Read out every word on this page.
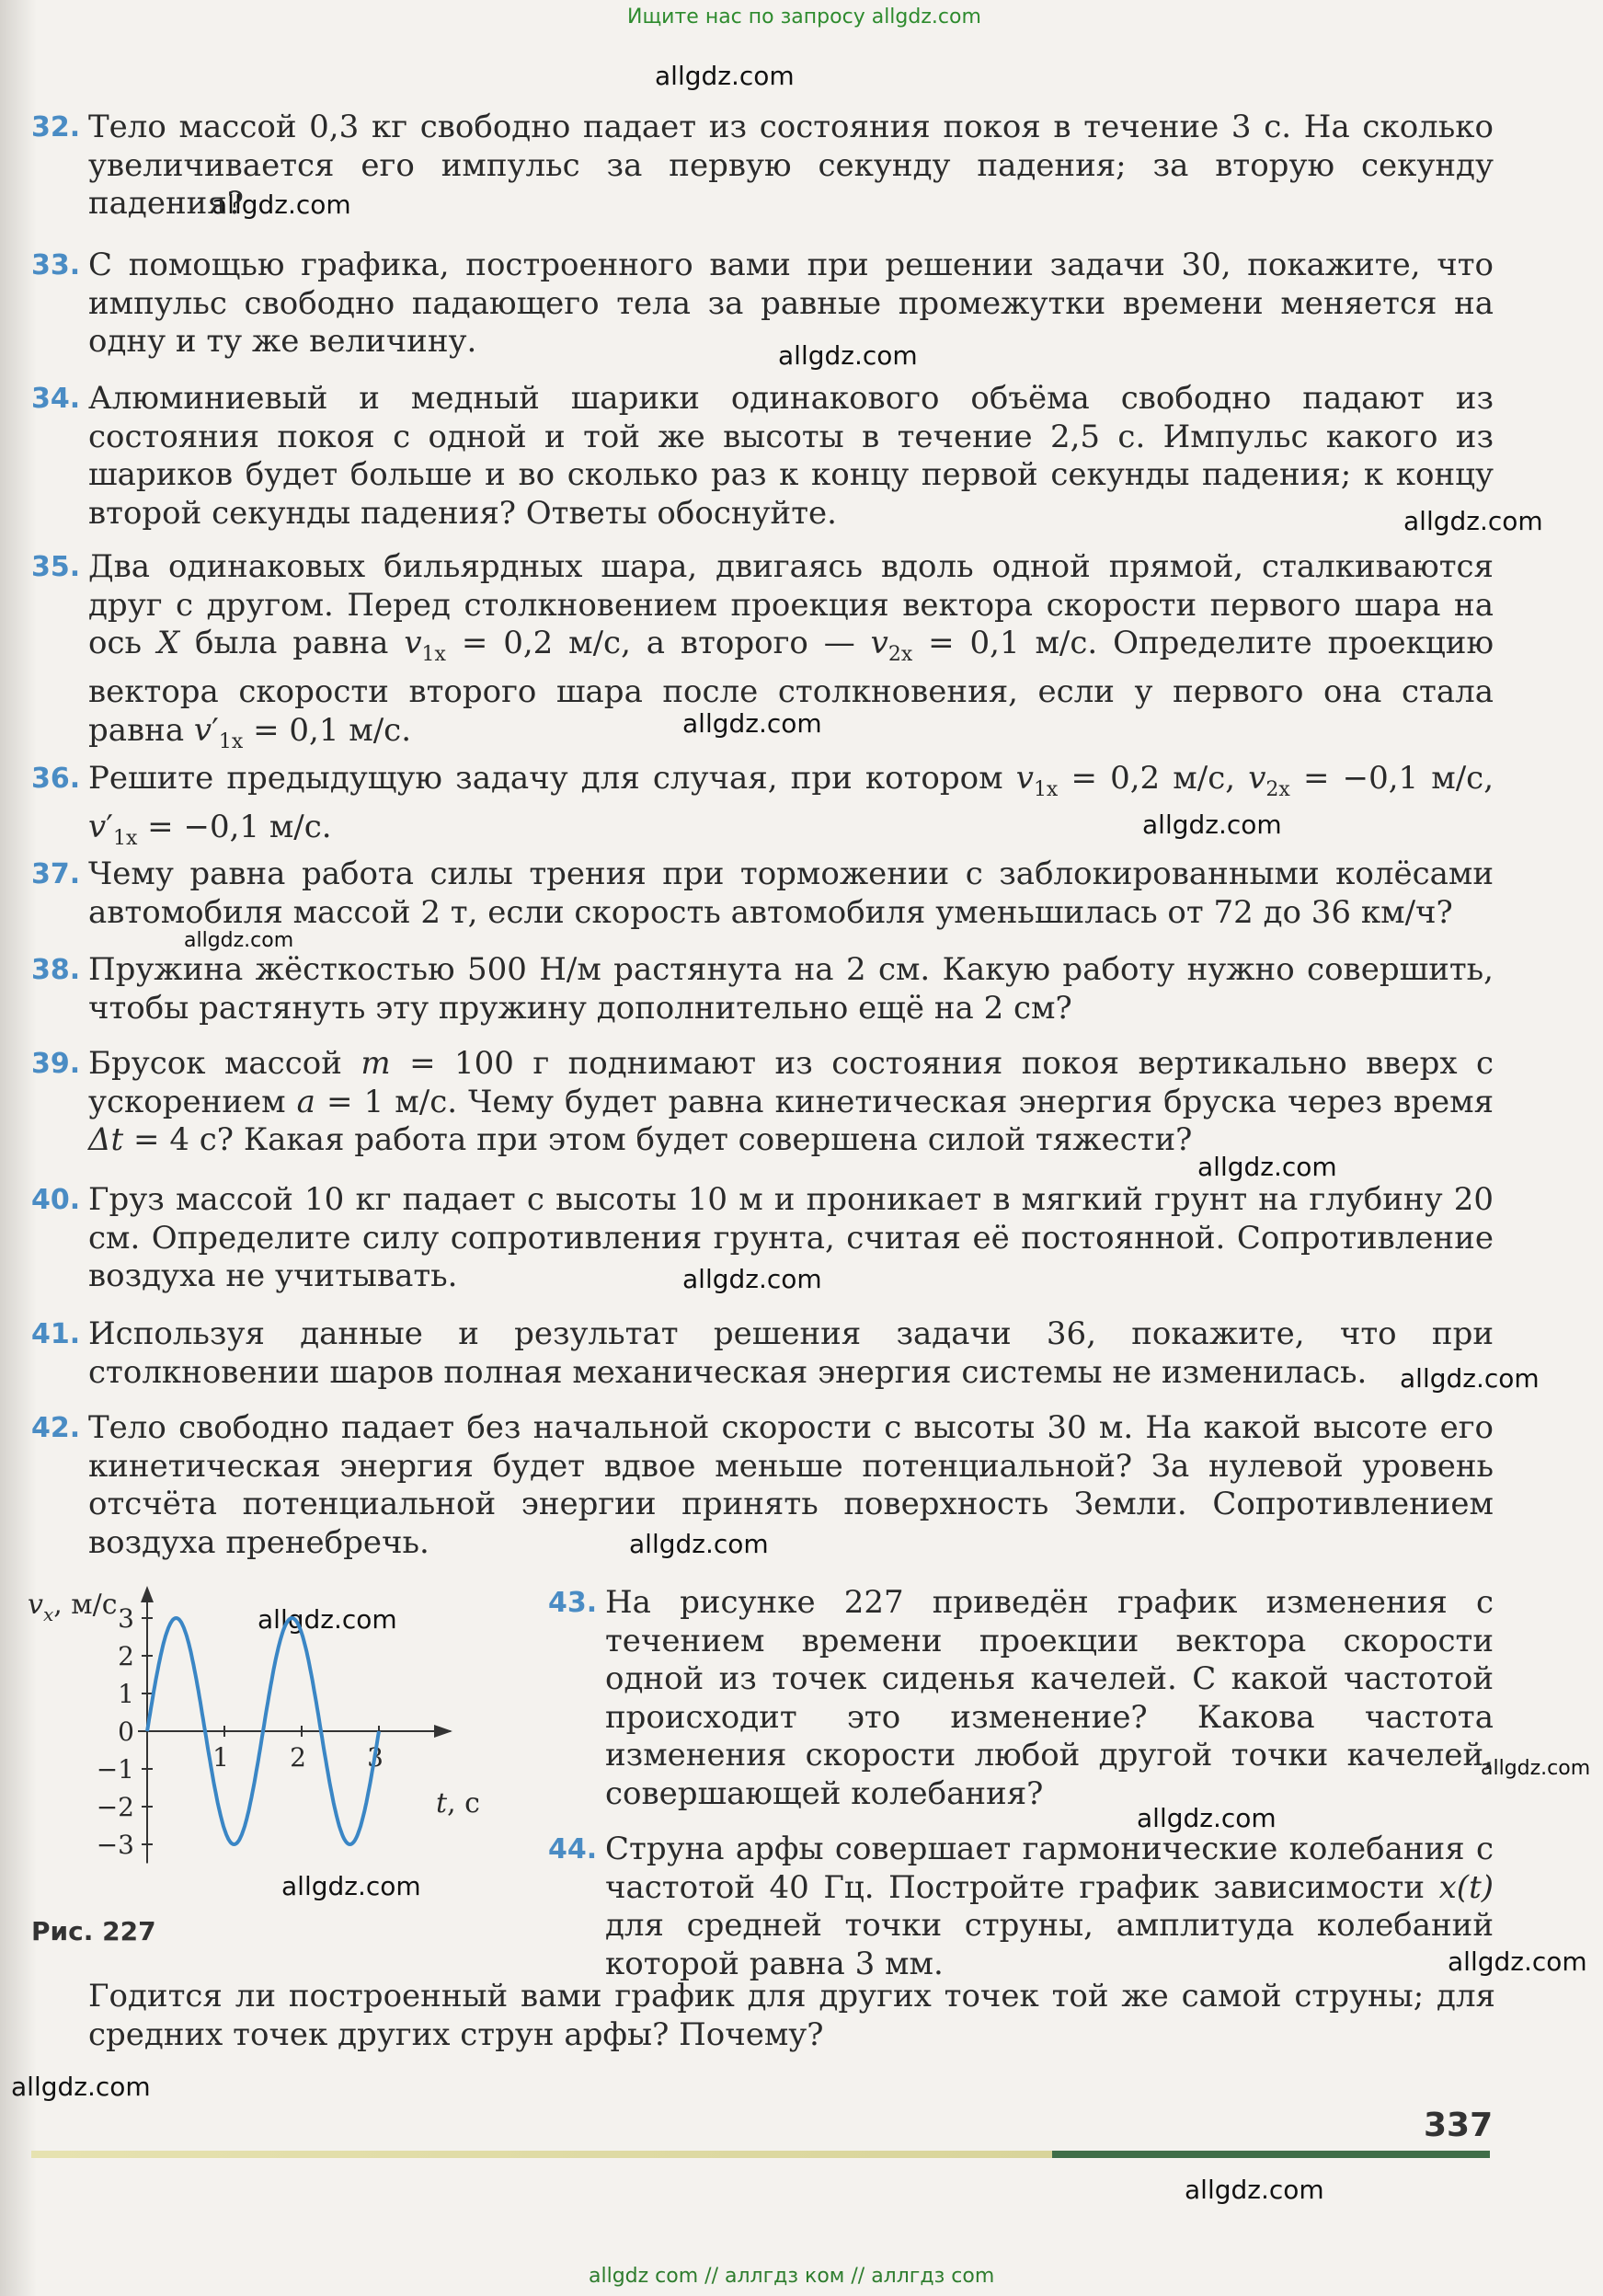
Ищите нас по запросу allgdz.com
allgdz.com
allgdz.com
allgdz.com
allgdz.com
allgdz.com
allgdz.com
allgdz.com
allgdz.com
allgdz.com
allgdz.com
allgdz.com
allgdz.com
allgdz.com
allgdz.com
allgdz.com
allgdz.com
allgdz.com
allgdz.com
32. Тело массой 0,3 кг свободно падает из состояния покоя в течение 3 с. На сколько увеличивается его импульс за первую секунду падения; за вторую секунду падения?
33. С помощью графика, построенного вами при решении задачи 30, покажите, что импульс свободно падающего тела за равные промежутки времени меняется на одну и ту же величину.
34. Алюминиевый и медный шарики одинакового объёма свободно падают из состояния покоя с одной и той же высоты в течение 2,5 с. Импульс какого из шариков будет больше и во сколько раз к концу первой секунды падения; к концу второй секунды падения? Ответы обоснуйте.
35. Два одинаковых бильярдных шара, двигаясь вдоль одной прямой, сталкиваются друг с другом. Перед столкновением проекция вектора скорости первого шара на ось X была равна $v_{1x} = 0,2$ м/с, а второго — $v_{2x} = 0,1$ м/с. Определите проекцию вектора скорости второго шара после столкновения, если у первого она стала равна $v'_{1x} = 0,1$ м/с.
36. Решите предыдущую задачу для случая, при котором $v_{1x} = 0,2$ м/с, $v_{2x} = -0,1$ м/с, $v'_{1x} = -0,1$ м/с.
37. Чему равна работа силы трения при торможении с заблокированными колёсами автомобиля массой 2 т, если скорость автомобиля уменьшилась от 72 до 36 км/ч?
38. Пружина жёсткостью 500 Н/м растянута на 2 см. Какую работу нужно совершить, чтобы растянуть эту пружину дополнительно ещё на 2 см?
39. Брусок массой m = 100 г поднимают из состояния покоя вертикально вверх с ускорением a = 1 м/с. Чему будет равна кинетическая энергия бруска через время Δt = 4 с? Какая работа при этом будет совершена силой тяжести?
40. Груз массой 10 кг падает с высоты 10 м и проникает в мягкий грунт на глубину 20 см. Определите силу сопротивления грунта, считая её постоянной. Сопротивление воздуха не учитывать.
41. Используя данные и результат решения задачи 36, покажите, что при столкновении шаров полная механическая энергия системы не изменилась.
42. Тело свободно падает без начальной скорости с высоты 30 м. На какой высоте его кинетическая энергия будет вдвое меньше потенциальной? За нулевой уровень отсчёта потенциальной энергии принять поверхность Земли. Сопротивлением воздуха пренебречь.
$v_x$, м/с
t, с
3
2
1
0
−1
−2
−3
1 2 3
Рис. 227
43. На рисунке 227 приведён график изменения с течением времени проекции вектора скорости одной из точек сиденья качелей. С какой частотой происходит это изменение? Какова частота изменения скорости любой другой точки качелей, совершающей колебания?
44. Струна арфы совершает гармонические колебания с частотой 40 Гц. Постройте график зависимости x(t) для средней точки струны, амплитуда колебаний которой равна 3 мм.
Годится ли построенный вами график для других точек той же самой струны; для средних точек других струн арфы? Почему?
337
allgdz com // аллгдз ком // аллгдз com
